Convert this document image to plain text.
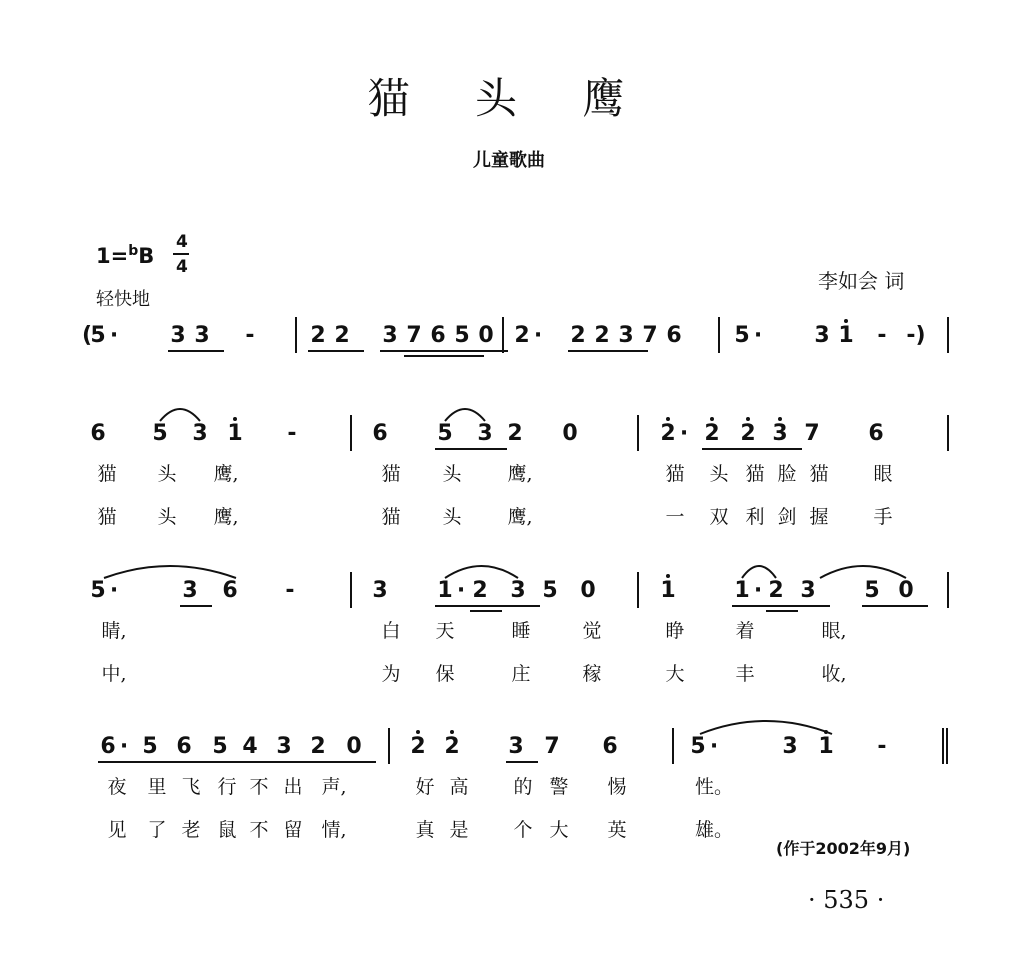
猫 头 鹰
儿童歌曲
1=$^b$B
4
4
轻快地
李如会 词
(	-)
5 · 3 3 -	2 2 3 7 6 5 0 2 · 2 2 3 7 6 5 · 3 1 -
6 5 3 1 -	6 5 3 2 0	2 · 2 2 3 7 6
猫 头	鹰,	猫 头	鹰,	猫 头 猫 脸 猫 眼
猫 头	鹰,	猫 头	鹰,	一 双 利 剑 握 手
5 ·	3 6 -	3 1 · 2 3 5 0	1	1 · 2 3 5 0
睛,	白 天	睡	觉	睁	着	眼,
中,	为 保	庄	稼	大	丰	收,
6 · 5 6 5 4 3 2 0 2 2 3 7 6	5 ·	3 1 -
夜 里 飞 行 不 出 声,	好 高 的 警 惕	性。
见 了 老 鼠 不 留 情,	真 是 个 大 英	雄。
(作于2002年9月)
· 535 ·
